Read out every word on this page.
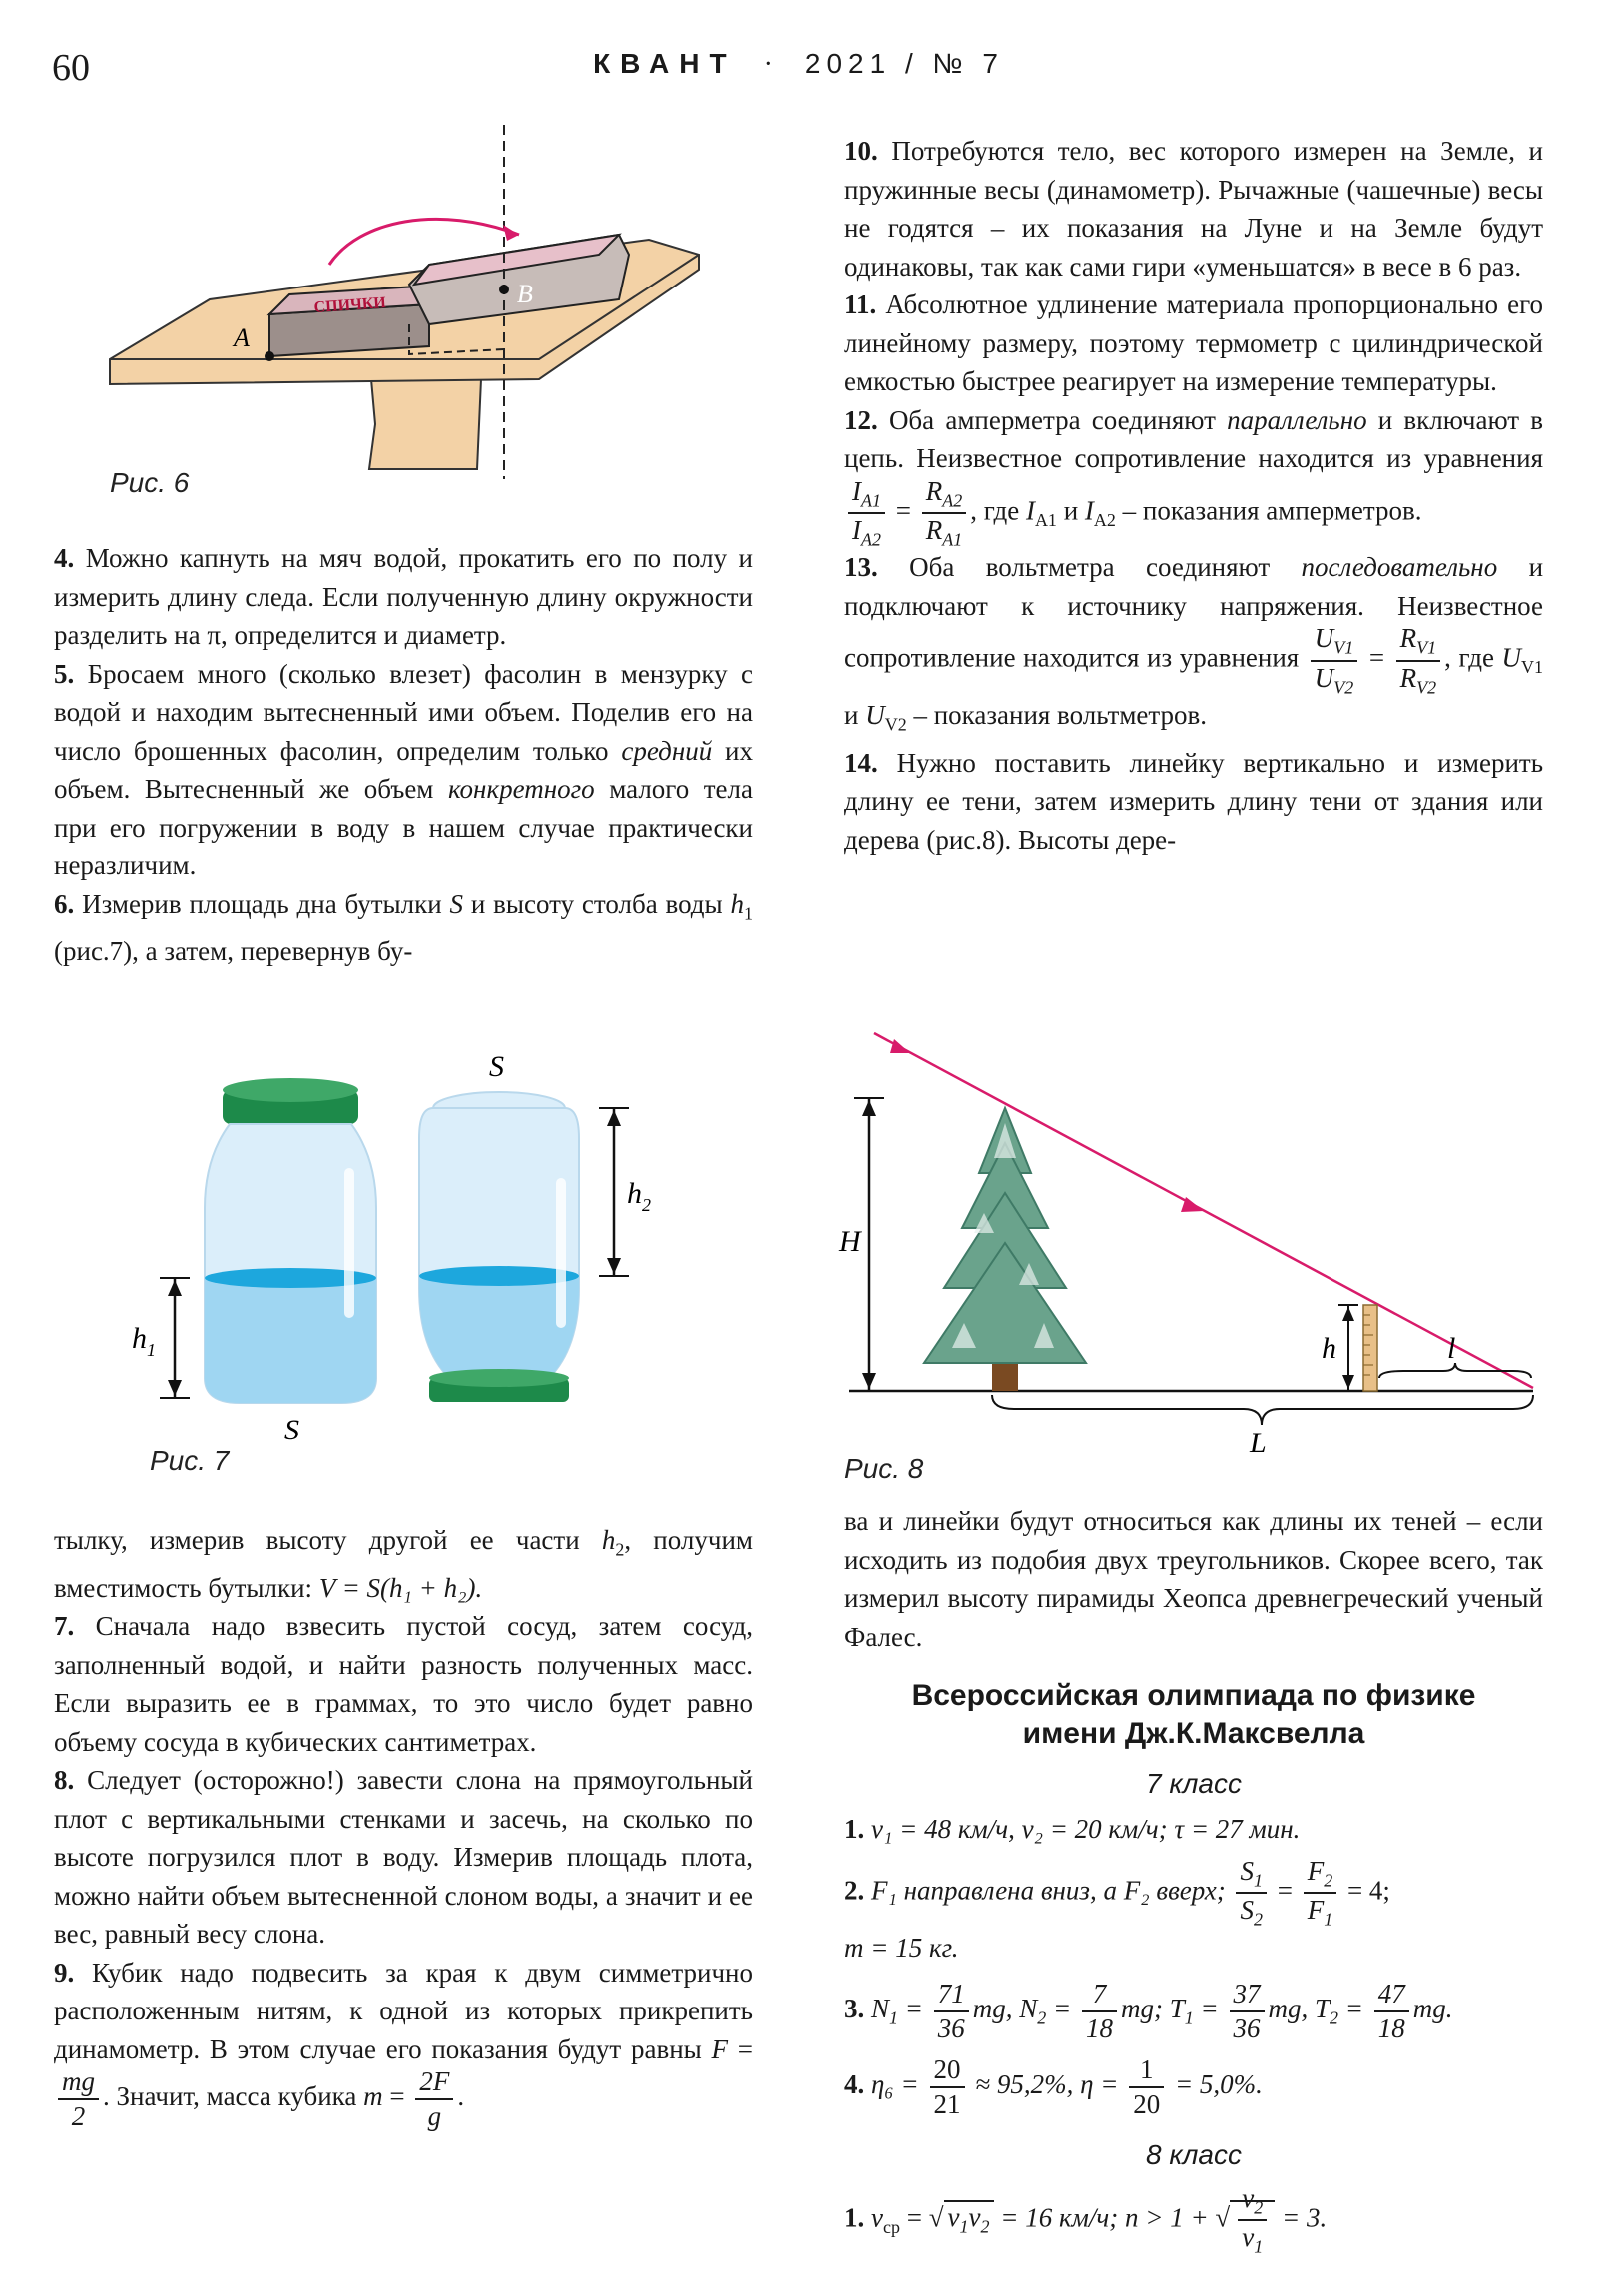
60	КВАНТ · 2021 / № 7
СПИЧКИ
A
B
Рис. 6

4. Можно капнуть на мяч водой, прокатить его по полу и измерить длину следа. Если полученную длину окружности разделить на π, определится и диаметр.

5. Бросаем много (сколько влезет) фасолин в мензурку с водой и находим вытесненный ими объем. Поделив его на число брошенных фасолин, определим только средний их объем. Вытесненный же объем конкретного малого тела при его погружении в воду в нашем случае практически неразличим.

6. Измерив площадь дна бутылки S и высоту столба воды $h_1$ (рис.7), а затем, перевернув бу-

$h_1$
$h_2$
S
S
Рис. 7

тылку, измерив высоту другой ее части $h_2$, получим вместимость бутылки: V = S(h₁ + h₂).

7. Сначала надо взвесить пустой сосуд, затем сосуд, заполненный водой, и найти разность полученных масс. Если выразить ее в граммах, то это число будет равно объему сосуда в кубических сантиметрах.

8. Следует (осторожно!) завести слона на прямоугольный плот с вертикальными стенками и засечь, на сколько по высоте погрузился плот в воду. Измерив площадь плота, можно найти объем вытесненной слоном воды, а значит и ее вес, равный весу слона.

9. Кубик надо подвесить за края к двум симметрично расположенным нитям, к одной из которых прикрепить динамометр. В этом случае его показания будут равны F =
$\frac{mg}{2}$ . Значит, масса кубика $m = \frac{2F}{g}$ .

10. Потребуются тело, вес которого измерен на Земле, и пружинные весы (динамометр). Рычажные (чашечные) весы не годятся – их показания на Луне и на Земле будут одинаковы, так как сами гири «уменьшатся» в весе в 6 раз.

11. Абсолютное удлинение материала пропорционально его линейному размеру, поэтому термометр с цилиндрической емкостью быстрее реагирует на измерение температуры.

12. Оба амперметра соединяют параллельно и включают в цепь. Неизвестное сопротивление находится из уравнения
$\frac{I_{A1}}{I_{A2}} = \frac{R_{A2}}{R_{A1}}$ , где $I_{A1}$ и $I_{A2}$ – показания амперметров.

13. Оба вольтметра соединяют последовательно и подключают к источнику напряжения. Неизвестное сопротивление находится из уравнения $\frac{U_{V1}}{U_{V2}} = \frac{R_{V1}}{R_{V2}}$ , где $U_{V1}$ и $U_{V2}$ – показания вольтметров.

14. Нужно поставить линейку вертикально и измерить длину ее тени, затем измерить длину тени от здания или дерева (рис.8). Высоты дере-

H
h	l
L
Рис. 8

ва и линейки будут относиться как длины их теней – если исходить из подобия двух треугольников. Скорее всего, так измерил высоту пирамиды Хеопса древнегреческий ученый Фалес.

Всероссийская олимпиада по физике
имени Дж.К.Максвелла
7 класс

1. v₁ = 48 км/ч, v₂ = 20 км/ч; τ = 27 мин.

2. F₁ направлена вниз, а F₂ вверх; $\frac{S_1}{S_2} = \frac{F_2}{F_1} = 4$;

m = 15 кг.

3. $N_1 = \frac{71}{36}$ mg, $N_2 = \frac{7}{18}$ mg; $T_1 = \frac{37}{36}$ mg, $T_2 = \frac{47}{18}$ mg.

4. $\eta_6 = \frac{20}{21} \approx 95,2\%$, $\eta = \frac{1}{20} = 5,0\%$.

8 класс

1. $v_{ср}$ = √ $v_1v_2 = 16$ км/ч; n > 1 + √ $\frac{v_2}{v_1} = 3$.
